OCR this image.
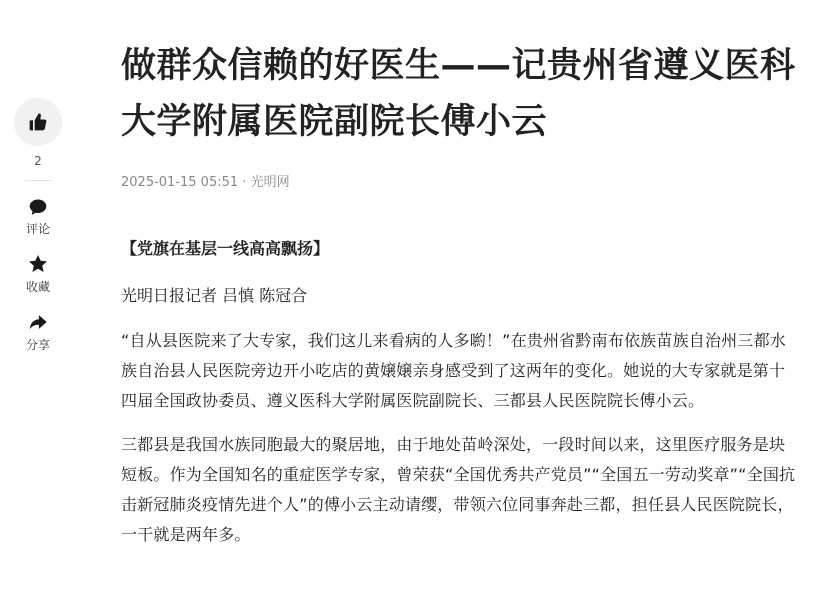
2
评论
收藏
分享
做群众信赖的好医生——记贵州省遵义医科大学附属医院副院长傅小云
2025-01-15 05:51 · 光明网
【党旗在基层一线高高飘扬】
光明日报记者 吕慎 陈冠合

“自从县医院来了大专家，我们这儿来看病的人多喲！”在贵州省黔南布依族苗族自治州三都水族自治县人民医院旁边开小吃店的黄嬢嬢亲身感受到了这两年的变化。她说的大专家就是第十四届全国政协委员、遵义医科大学附属医院副院长、三都县人民医院院长傅小云。

三都县是我国水族同胞最大的聚居地，由于地处苗岭深处，一段时间以来，这里医疗服务是块短板。作为全国知名的重症医学专家，曾荣获“全国优秀共产党员”“全国五一劳动奖章”“全国抗击新冠肺炎疫情先进个人”的傅小云主动请缨，带领六位同事奔赴三都，担任县人民医院院长，一干就是两年多。
